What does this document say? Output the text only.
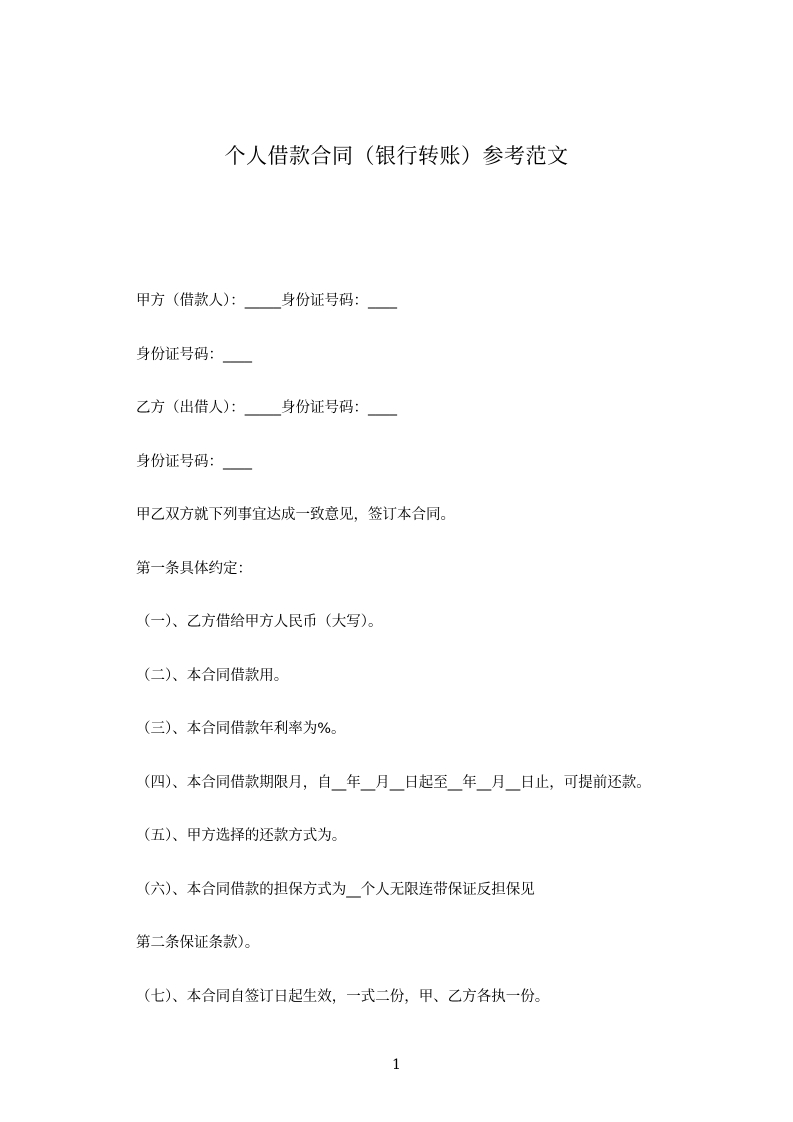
个人借款合同（银行转账）参考范文
甲方（借款人）：_____身份证号码：____
身份证号码：____
乙方（出借人）：_____身份证号码：____
身份证号码：____
甲乙双方就下列事宜达成一致意见，签订本合同。
第一条具体约定：
（一）、乙方借给甲方人民币（大写）。
（二）、本合同借款用。
（三）、本合同借款年利率为%。
（四）、本合同借款期限月，自__年__月__日起至__年__月__日止，可提前还款。
（五）、甲方选择的还款方式为。
（六）、本合同借款的担保方式为__个人无限连带保证反担保见
第二条保证条款）。
（七）、本合同自签订日起生效，一式二份，甲、乙方各执一份。
1
